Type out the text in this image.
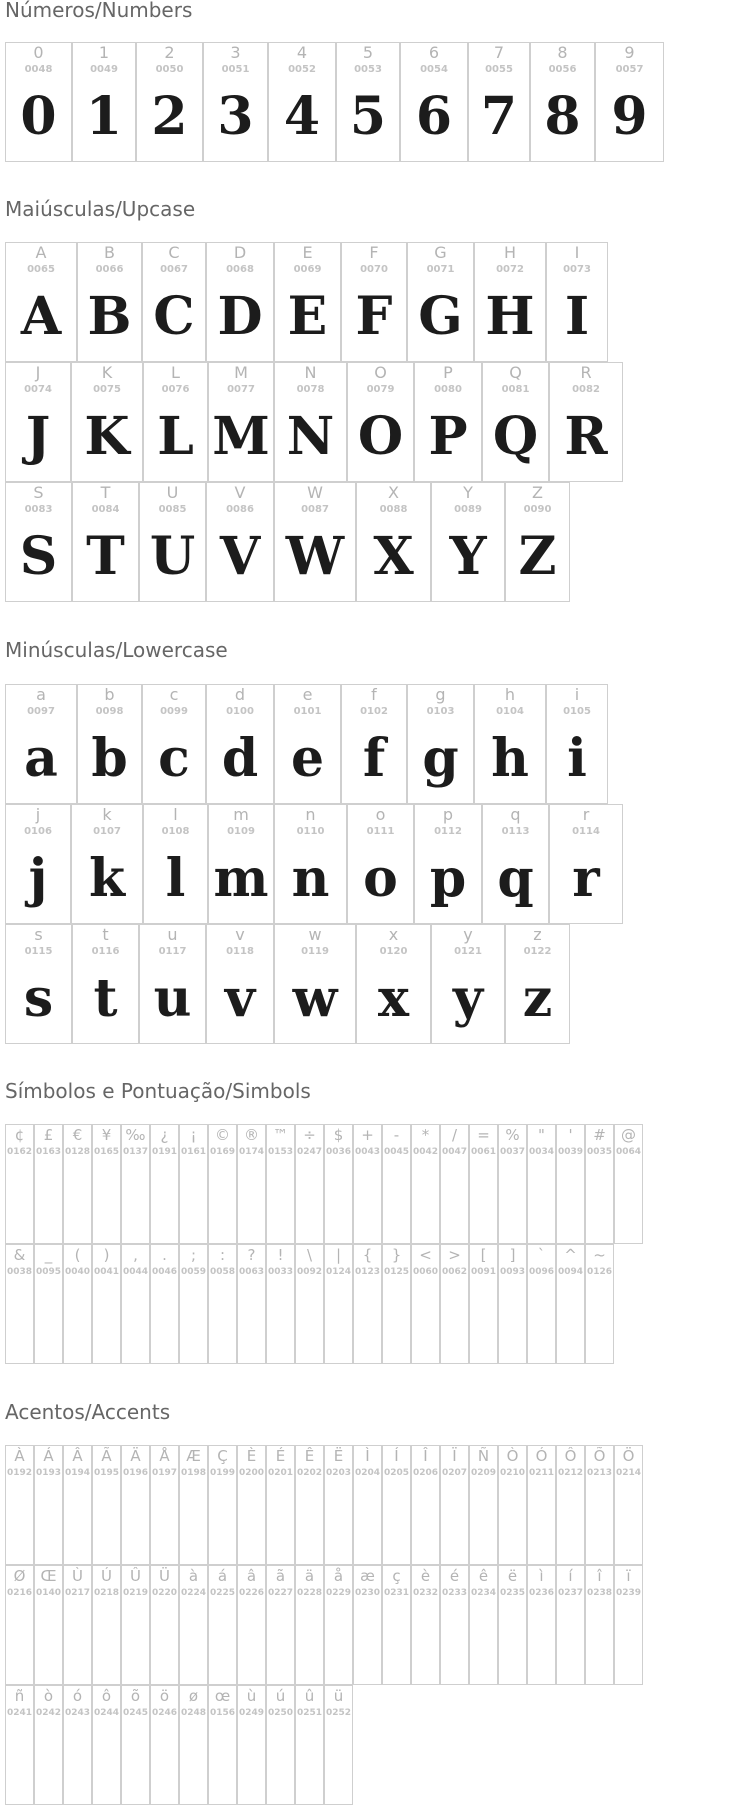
Números/Numbers
Maiúsculas/Upcase
Minúsculas/Lowercase
Símbolos e Pontuação/Simbols
Acentos/Accents
0
0048
0
1
0049
1
2
0050
2
3
0051
3
4
0052
4
5
0053
5
6
0054
6
7
0055
7
8
0056
8
9
0057
9
A
0065
A
B
0066
B
C
0067
C
D
0068
D
E
0069
E
F
0070
F
G
0071
G
H
0072
H
I
0073
I
J
0074
J
K
0075
K
L
0076
L
M
0077
M
N
0078
N
O
0079
O
P
0080
P
Q
0081
Q
R
0082
R
S
0083
S
T
0084
T
U
0085
U
V
0086
V
W
0087
W
X
0088
X
Y
0089
Y
Z
0090
Z
a
0097
a
b
0098
b
c
0099
c
d
0100
d
e
0101
e
f
0102
f
g
0103
g
h
0104
h
i
0105
i
j
0106
j
k
0107
k
l
0108
l
m
0109
m
n
0110
n
o
0111
o
p
0112
p
q
0113
q
r
0114
r
s
0115
s
t
0116
t
u
0117
u
v
0118
v
w
0119
w
x
0120
x
y
0121
y
z
0122
z
¢
0162
£
0163
€
0128
¥
0165
‰
0137
¿
0191
¡
0161
©
0169
®
0174
™
0153
÷
0247
$
0036
+
0043
-
0045
*
0042
/
0047
=
0061
%
0037
"
0034
'
0039
#
0035
@
0064
&
0038
_
0095
(
0040
)
0041
,
0044
.
0046
;
0059
:
0058
?
0063
!
0033
\
0092
|
0124
{
0123
}
0125
<
0060
>
0062
[
0091
]
0093
`
0096
^
0094
~
0126
À
0192
Á
0193
Â
0194
Ã
0195
Ä
0196
Å
0197
Æ
0198
Ç
0199
È
0200
É
0201
Ê
0202
Ë
0203
Ì
0204
Í
0205
Î
0206
Ï
0207
Ñ
0209
Ò
0210
Ó
0211
Ô
0212
Õ
0213
Ö
0214
Ø
0216
Œ
0140
Ù
0217
Ú
0218
Û
0219
Ü
0220
à
0224
á
0225
â
0226
ã
0227
ä
0228
å
0229
æ
0230
ç
0231
è
0232
é
0233
ê
0234
ë
0235
ì
0236
í
0237
î
0238
ï
0239
ñ
0241
ò
0242
ó
0243
ô
0244
õ
0245
ö
0246
ø
0248
œ
0156
ù
0249
ú
0250
û
0251
ü
0252
